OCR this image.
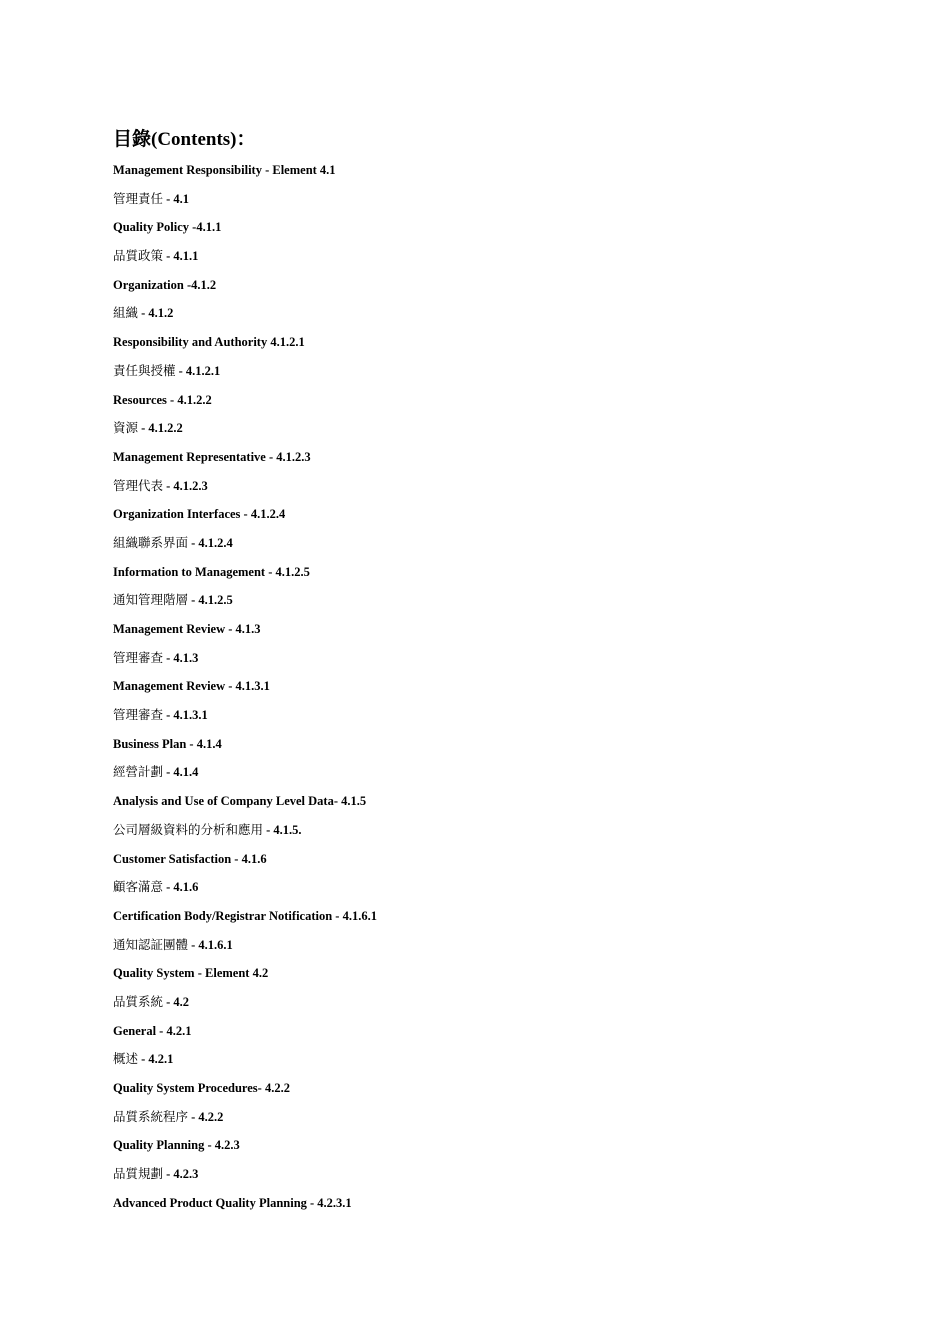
目錄(Contents)：
Management Responsibility - Element 4.1
管理責任 - 4.1
Quality Policy -4.1.1
品質政策 - 4.1.1
Organization -4.1.2
組織 - 4.1.2
Responsibility and Authority 4.1.2.1
責任與授權 - 4.1.2.1
Resources - 4.1.2.2
資源 - 4.1.2.2
Management Representative - 4.1.2.3
管理代表 - 4.1.2.3
Organization Interfaces - 4.1.2.4
組織聯系界面 - 4.1.2.4
Information to Management - 4.1.2.5
通知管理階層 - 4.1.2.5
Management Review - 4.1.3
管理審查 - 4.1.3
Management Review - 4.1.3.1
管理審查 - 4.1.3.1
Business Plan - 4.1.4
經營計劃 - 4.1.4
Analysis and Use of Company Level Data- 4.1.5
公司層級資料的分析和應用 - 4.1.5.
Customer Satisfaction - 4.1.6
顧客滿意 - 4.1.6
Certification Body/Registrar Notification - 4.1.6.1
通知認証團體 - 4.1.6.1
Quality System - Element 4.2
品質系統 - 4.2
General - 4.2.1
概述 - 4.2.1
Quality System Procedures- 4.2.2
品質系統程序 - 4.2.2
Quality Planning - 4.2.3
品質規劃 - 4.2.3
Advanced Product Quality Planning - 4.2.3.1
